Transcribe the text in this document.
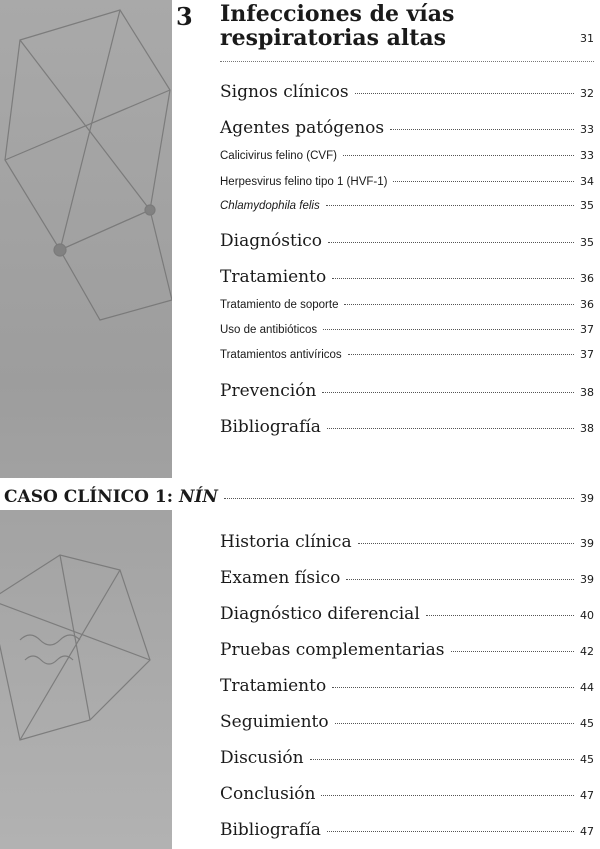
3 Infecciones de vías respiratorias altas	31
Signos clínicos	32
Agentes patógenos	33
Calicivirus felino (CVF)	33
Herpesvirus felino tipo 1 (HVF-1)	34
Chlamydophila felis	35
Diagnóstico	35
Tratamiento	36
Tratamiento de soporte	36
Uso de antibióticos	37
Tratamientos antivíricos	37
Prevención	38
Bibliografía	38
CASO CLÍNICO 1: NÍN	39
Historia clínica	39
Examen físico	39
Diagnóstico diferencial	40
Pruebas complementarias	42
Tratamiento	44
Seguimiento	45
Discusión	45
Conclusión	47
Bibliografía	47
